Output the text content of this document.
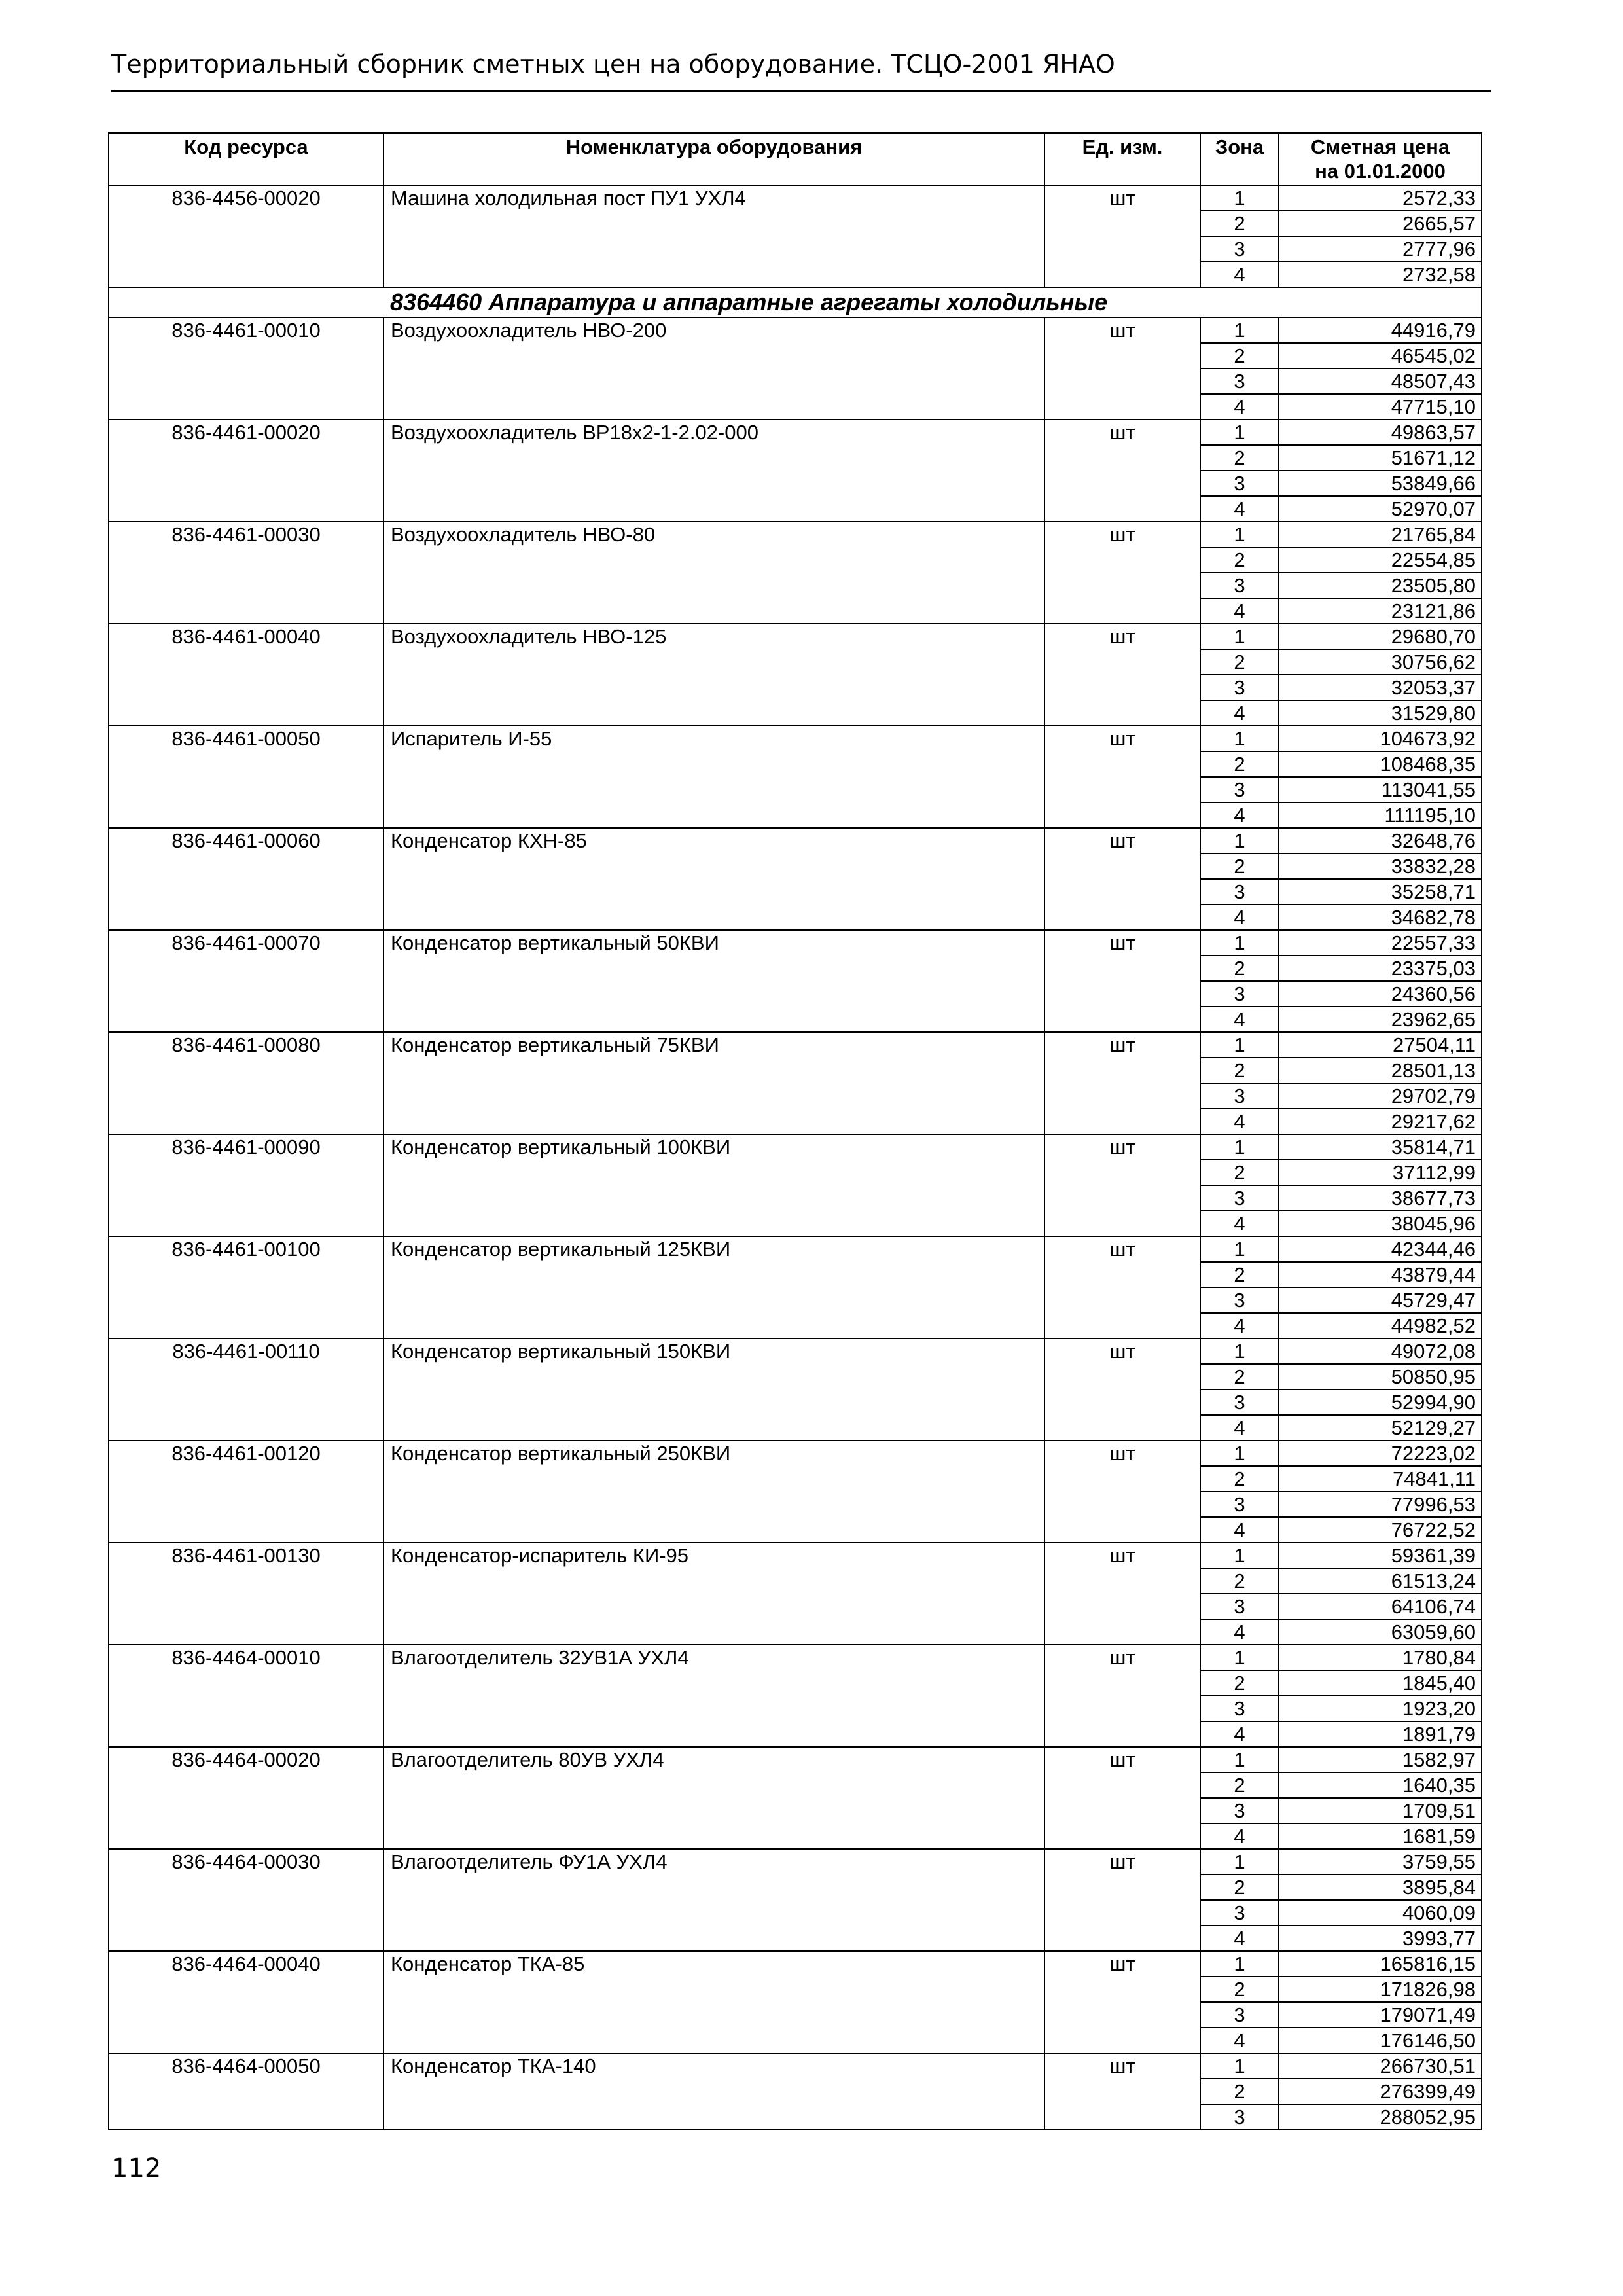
Территориальный сборник сметных цен на оборудование. ТСЦО-2001 ЯНАО
Код ресурса	Номенклатура оборудования	Ед. изм.	Зона	Сметная цена
на 01.01.2000

836-4456-00020	Машина холодильная пост ПУ1 УХЛ4	шт	1	2572,33
			2	2665,57
			3	2777,96
			4	2732,58
	8364460 Аппаратура и аппаратные агрегаты холодильные			
836-4461-00010	Воздухоохладитель НВО-200	шт	1	44916,79
			2	46545,02
			3	48507,43
			4	47715,10
836-4461-00020	Воздухоохладитель ВР18х2-1-2.02-000	шт	1	49863,57
			2	51671,12
			3	53849,66
			4	52970,07
836-4461-00030	Воздухоохладитель НВО-80	шт	1	21765,84
			2	22554,85
			3	23505,80
			4	23121,86
836-4461-00040	Воздухоохладитель НВО-125	шт	1	29680,70
			2	30756,62
			3	32053,37
			4	31529,80
836-4461-00050	Испаритель И-55	шт	1	104673,92
			2	108468,35
			3	113041,55
			4	111195,10
836-4461-00060	Конденсатор КХН-85	шт	1	32648,76
			2	33832,28
			3	35258,71
			4	34682,78
836-4461-00070	Конденсатор вертикальный 50КВИ	шт	1	22557,33
			2	23375,03
			3	24360,56
			4	23962,65
836-4461-00080	Конденсатор вертикальный 75КВИ	шт	1	27504,11
			2	28501,13
			3	29702,79
			4	29217,62
836-4461-00090	Конденсатор вертикальный 100КВИ	шт	1	35814,71
			2	37112,99
			3	38677,73
			4	38045,96
836-4461-00100	Конденсатор вертикальный 125КВИ	шт	1	42344,46
			2	43879,44
			3	45729,47
			4	44982,52
836-4461-00110	Конденсатор вертикальный 150КВИ	шт	1	49072,08
			2	50850,95
			3	52994,90
			4	52129,27
836-4461-00120	Конденсатор вертикальный 250КВИ	шт	1	72223,02
			2	74841,11
			3	77996,53
			4	76722,52
836-4461-00130	Конденсатор-испаритель КИ-95	шт	1	59361,39
			2	61513,24
			3	64106,74
			4	63059,60
836-4464-00010	Влагоотделитель 32УВ1А УХЛ4	шт	1	1780,84
			2	1845,40
			3	1923,20
			4	1891,79
836-4464-00020	Влагоотделитель 80УВ УХЛ4	шт	1	1582,97
			2	1640,35
			3	1709,51
			4	1681,59
836-4464-00030	Влагоотделитель ФУ1А УХЛ4	шт	1	3759,55
			2	3895,84
			3	4060,09
			4	3993,77
836-4464-00040	Конденсатор ТКА-85	шт	1	165816,15
			2	171826,98
			3	179071,49
			4	176146,50
836-4464-00050	Конденсатор ТКА-140	шт	1	266730,51
			2	276399,49
			3	288052,95
112
